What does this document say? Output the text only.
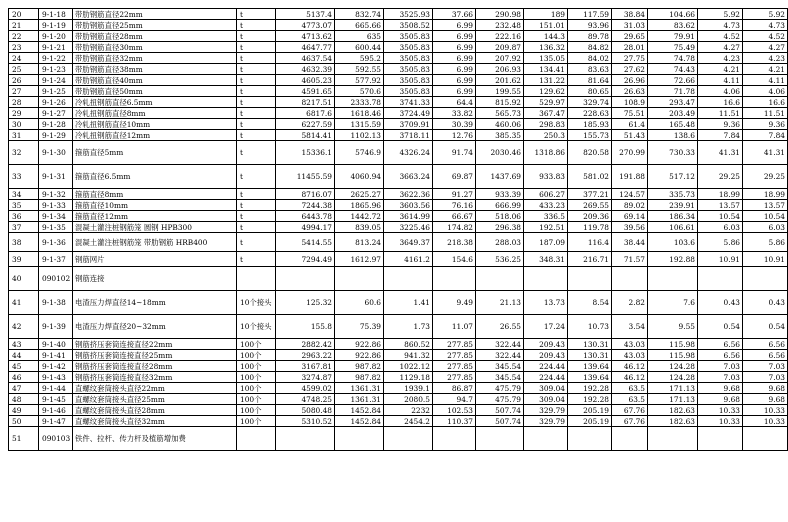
20	9-1-18	带肋钢筋直径22mm	t	5137.4	832.74	3525.93	37.66	290.98	189	117.59	38.84	104.66	5.92	5.92
21	9-1-19	带肋钢筋直径25mm	t	4773.07	665.66	3508.52	6.99	232.48	151.01	93.96	31.03	83.62	4.73	4.73
22	9-1-20	带肋钢筋直径28mm	t	4713.62	635	3505.83	6.99	222.16	144.3	89.78	29.65	79.91	4.52	4.52
23	9-1-21	带肋钢筋直径30mm	t	4647.77	600.44	3505.83	6.99	209.87	136.32	84.82	28.01	75.49	4.27	4.27
24	9-1-22	带肋钢筋直径32mm	t	4637.54	595.2	3505.83	6.99	207.92	135.05	84.02	27.75	74.78	4.23	4.23
25	9-1-23	带肋钢筋直径38mm	t	4632.39	592.55	3505.83	6.99	206.93	134.41	83.63	27.62	74.43	4.21	4.21
26	9-1-24	带肋钢筋直径40mm	t	4605.23	577.92	3505.83	6.99	201.62	131.22	81.64	26.96	72.66	4.11	4.11
27	9-1-25	带肋钢筋直径50mm	t	4591.65	570.6	3505.83	6.99	199.55	129.62	80.65	26.63	71.78	4.06	4.06
28	9-1-26	冷轧扭钢筋直径6.5mm	t	8217.51	2333.78	3741.33	64.4	815.92	529.97	329.74	108.9	293.47	16.6	16.6
29	9-1-27	冷轧扭钢筋直径8mm	t	6817.6	1618.46	3724.49	33.82	565.73	367.47	228.63	75.51	203.49	11.51	11.51
30	9-1-28	冷轧扭钢筋直径10mm	t	6227.59	1315.59	3709.91	30.39	460.06	298.83	185.93	61.4	165.48	9.36	9.36
31	9-1-29	冷轧扭钢筋直径12mm	t	5814.41	1102.13	3718.11	12.76	385.35	250.3	155.73	51.43	138.6	7.84	7.84
32	9-1-30	箍筋直径5mm	t	15336.1	5746.9	4326.24	91.74	2030.46	1318.86	820.58	270.99	730.33	41.31	41.31
33	9-1-31	箍筋直径6.5mm	t	11455.59	4060.94	3663.24	69.87	1437.69	933.83	581.02	191.88	517.12	29.25	29.25
34	9-1-32	箍筋直径8mm	t	8716.07	2625.27	3622.36	91.27	933.39	606.27	377.21	124.57	335.73	18.99	18.99
35	9-1-33	箍筋直径10mm	t	7244.38	1865.96	3603.56	76.16	666.99	433.23	269.55	89.02	239.91	13.57	13.57
36	9-1-34	箍筋直径12mm	t	6443.78	1442.72	3614.99	66.67	518.06	336.5	209.36	69.14	186.34	10.54	10.54
37	9-1-35	混凝土灌注桩钢筋笼 圆钢 HPB300	t	4994.17	839.05	3225.46	174.82	296.38	192.51	119.78	39.56	106.61	6.03	6.03
38	9-1-36	混凝土灌注桩钢筋笼 带肋钢筋 HRB400	t	5414.55	813.24	3649.37	218.38	288.03	187.09	116.4	38.44	103.6	5.86	5.86
39	9-1-37	钢筋网片	t	7294.49	1612.97	4161.2	154.6	536.25	348.31	216.71	71.57	192.88	10.91	10.91
40	090102	钢筋连接												
41	9-1-38	电渣压力焊直径14~18mm	10个接头	125.32	60.6	1.41	9.49	21.13	13.73	8.54	2.82	7.6	0.43	0.43
42	9-1-39	电渣压力焊直径20~32mm	10个接头	155.8	75.39	1.73	11.07	26.55	17.24	10.73	3.54	9.55	0.54	0.54
43	9-1-40	钢筋挤压套筒连接直径22mm	100个	2882.42	922.86	860.52	277.85	322.44	209.43	130.31	43.03	115.98	6.56	6.56
44	9-1-41	钢筋挤压套筒连接直径25mm	100个	2963.22	922.86	941.32	277.85	322.44	209.43	130.31	43.03	115.98	6.56	6.56
45	9-1-42	钢筋挤压套筒连接直径28mm	100个	3167.81	987.82	1022.12	277.85	345.54	224.44	139.64	46.12	124.28	7.03	7.03
46	9-1-43	钢筋挤压套筒连接直径32mm	100个	3274.87	987.82	1129.18	277.85	345.54	224.44	139.64	46.12	124.28	7.03	7.03
47	9-1-44	直螺纹套筒接头直径22mm	100个	4599.02	1361.31	1939.1	86.87	475.79	309.04	192.28	63.5	171.13	9.68	9.68
48	9-1-45	直螺纹套筒接头直径25mm	100个	4748.25	1361.31	2080.5	94.7	475.79	309.04	192.28	63.5	171.13	9.68	9.68
49	9-1-46	直螺纹套筒接头直径28mm	100个	5080.48	1452.84	2232	102.53	507.74	329.79	205.19	67.76	182.63	10.33	10.33
50	9-1-47	直螺纹套筒接头直径32mm	100个	5310.52	1452.84	2454.2	110.37	507.74	329.79	205.19	67.76	182.63	10.33	10.33
51	090103	铁件、拉杆、传力杆及植筋增加费												
